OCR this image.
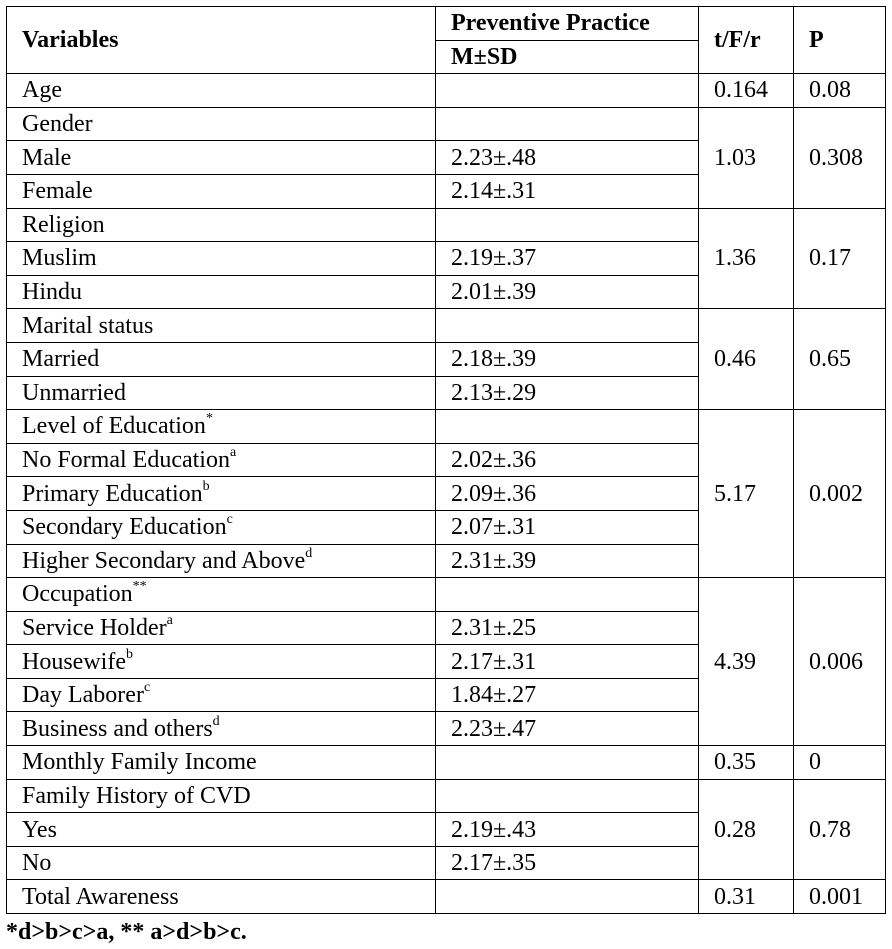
Variables	Preventive Practice	t/F/r	P
	M±SD		
Age		0.164	0.08
Gender		1.03	0.308
Male	2.23±.48		
Female	2.14±.31		
Religion		1.36	0.17
Muslim	2.19±.37		
Hindu	2.01±.39		
Marital status		0.46	0.65
Married	2.18±.39		
Unmarried	2.13±.29		
Level of Education*		5.17	0.002
No Formal Education$^a$	2.02±.36		
Primary Education$^b$	2.09±.36		
Secondary Education$^c$	2.07±.31		
Higher Secondary and Above$^d$	2.31±.39		
Occupation**		4.39	0.006
Service Holder$^a$	2.31±.25		
Housewife$^b$	2.17±.31		
Day Laborer$^c$	1.84±.27		
Business and others$^d$	2.23±.47		
Monthly Family Income		0.35	0
Family History of CVD		0.28	0.78
Yes	2.19±.43		
No	2.17±.35		
Total Awareness		0.31	0.001
*d>b>c>a, ** a>d>b>c.
